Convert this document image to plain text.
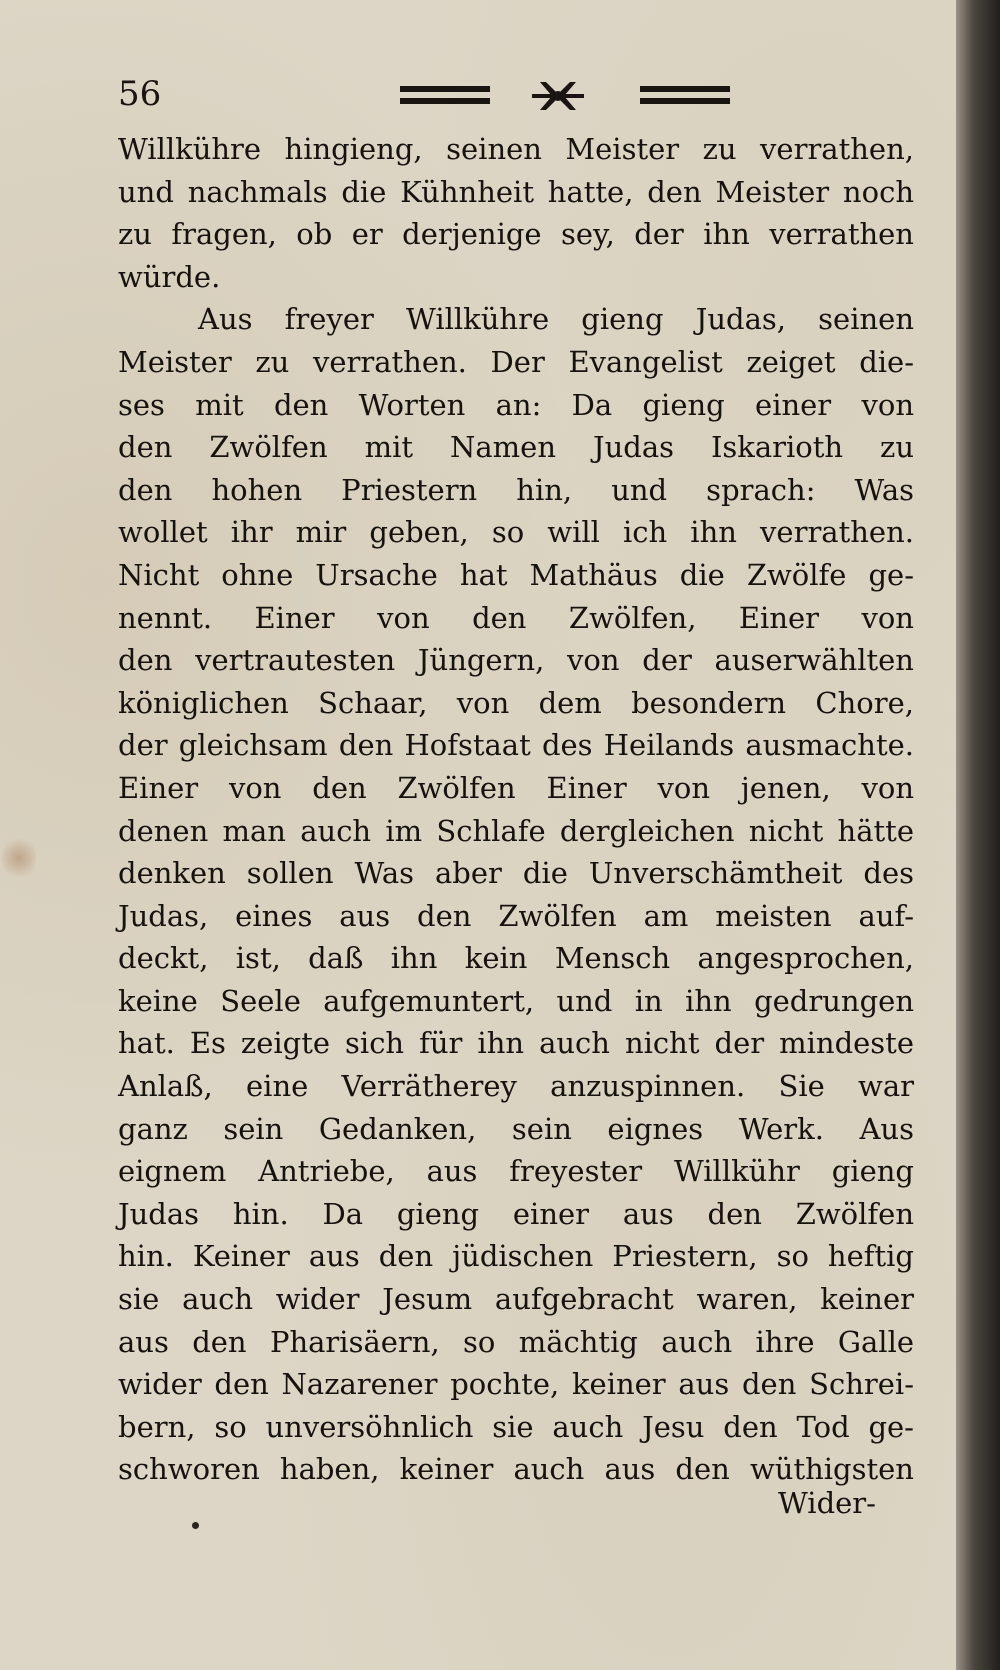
56
Willkühre hingieng, seinen Meister zu verrathen,
und nachmals die Kühnheit hatte, den Meister noch
zu fragen, ob er derjenige sey, der ihn verrathen
würde.
Aus freyer Willkühre gieng Judas, seinen
Meister zu verrathen. Der Evangelist zeiget die-
ses mit den Worten an: Da gieng einer von
den Zwölfen mit Namen Judas Iskarioth zu
den hohen Priestern hin, und sprach: Was
wollet ihr mir geben, so will ich ihn verrathen.
Nicht ohne Ursache hat Mathäus die Zwölfe ge-
nennt. Einer von den Zwölfen, Einer von
den vertrautesten Jüngern, von der auserwählten
königlichen Schaar, von dem besondern Chore,
der gleichsam den Hofstaat des Heilands ausmachte.
Einer von den Zwölfen Einer von jenen, von
denen man auch im Schlafe dergleichen nicht hätte
denken sollen Was aber die Unverschämtheit des
Judas, eines aus den Zwölfen am meisten auf-
deckt, ist, daß ihn kein Mensch angesprochen,
keine Seele aufgemuntert, und in ihn gedrungen
hat. Es zeigte sich für ihn auch nicht der mindeste
Anlaß, eine Verrätherey anzuspinnen. Sie war
ganz sein Gedanken, sein eignes Werk. Aus
eignem Antriebe, aus freyester Willkühr gieng
Judas hin. Da gieng einer aus den Zwölfen
hin. Keiner aus den jüdischen Priestern, so heftig
sie auch wider Jesum aufgebracht waren, keiner
aus den Pharisäern, so mächtig auch ihre Galle
wider den Nazarener pochte, keiner aus den Schrei-
bern, so unversöhnlich sie auch Jesu den Tod ge-
schworen haben, keiner auch aus den wüthigsten
Wider-
